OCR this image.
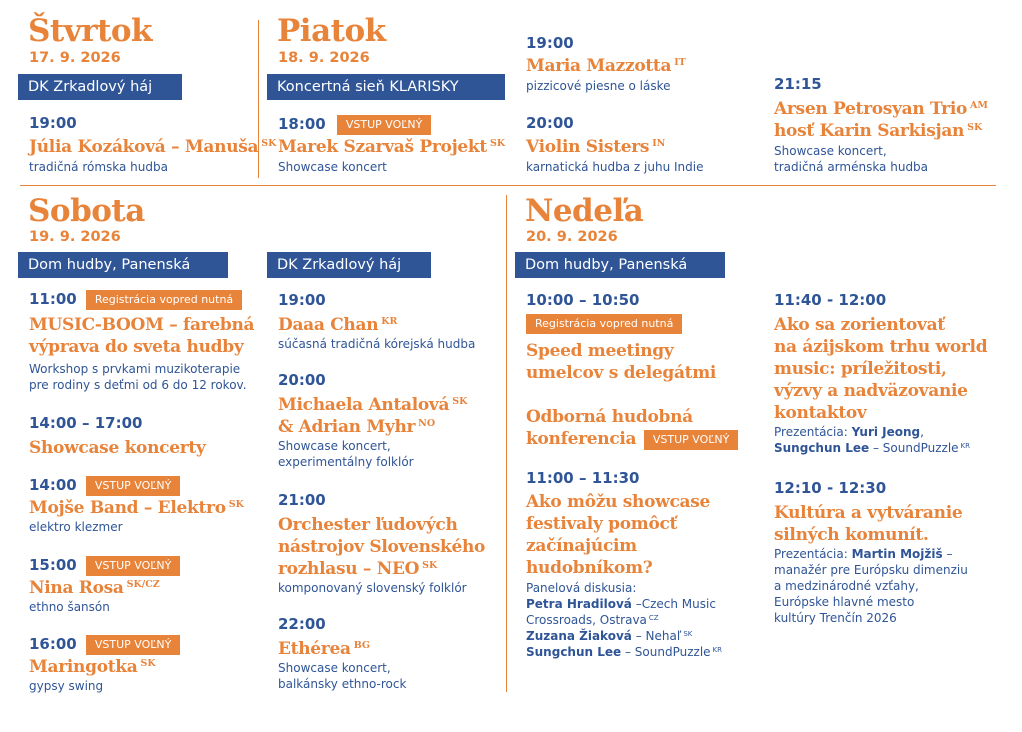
Štvrtok
17. 9. 2026
DK Zrkadlový háj
19:00
Júlia Kozáková – Manuša $^{SK}$
tradičná rómska hudba
Piatok
18. 9. 2026
Koncertná sieň KLARISKY
18:00 VSTUP VOĽNÝ
Marek Szarvaš Projekt $^{SK}$
Showcase koncert
19:00
Maria Mazzotta $^{IT}$
pizzicové piesne o láske
20:00
Violin Sisters $^{IN}$
karnatická hudba z juhu Indie
21:15
Arsen Petrosyan Trio $^{AM}$
hosť Karin Sarkisjan $^{SK}$
Showcase koncert,
tradičná arménska hudba
Sobota
19. 9. 2026
Dom hudby, Panenská	DK Zrkadlový háj
11:00 Registrácia vopred nutná
MUSIC-BOOM – farebná
výprava do sveta hudby
Workshop s prvkami muzikoterapie
pre rodiny s deťmi od 6 do 12 rokov.
14:00 – 17:00
Showcase koncerty
14:00 VSTUP VOĽNÝ
Mojše Band – Elektro $^{SK}$
elektro klezmer
15:00 VSTUP VOĽNÝ
Nina Rosa $^{SK/CZ}$
ethno šansón
16:00 VSTUP VOĽNÝ
Maringotka $^{SK}$
gypsy swing
19:00
Daaa Chan $^{KR}$
súčasná tradičná kórejská hudba
20:00
Michaela Antalová $^{SK}$
& Adrian Myhr $^{NO}$
Showcase koncert,
experimentálny folklór
21:00
Orchester ľudových
nástrojov Slovenského
rozhlasu – NEO $^{SK}$
komponovaný slovenský folklór
22:00
Ethérea $^{BG}$
Showcase koncert,
balkánsky ethno-rock
Nedeľa
20. 9. 2026
Dom hudby, Panenská
10:00 – 10:50
Registrácia vopred nutná
Speed meetingy
umelcov s delegátmi
Odborná hudobná
konferencia VSTUP VOĽNÝ
11:00 – 11:30
Ako môžu showcase
festivaly pomôcť
začínajúcim
hudobníkom?
Panelová diskusia:
Petra Hradilová –Czech Music
Crossroads, Ostrava $^{CZ}$
Zuzana Žiaková – Nehaľ $^{SK}$
Sungchun Lee – SoundPuzzle $^{KR}$
11:40 - 12:00
Ako sa zorientovať
na ázijskom trhu world
music: príležitosti,
výzvy a nadväzovanie
kontaktov
Prezentácia: Yuri Jeong,
Sungchun Lee – SoundPuzzle $^{KR}$
12:10 - 12:30
Kultúra a vytváranie
silných komunít.
Prezentácia: Martin Mojžiš –
manažér pre Európsku dimenziu
a medzinárodné vzťahy,
Európske hlavné mesto
kultúry Trenčín 2026
